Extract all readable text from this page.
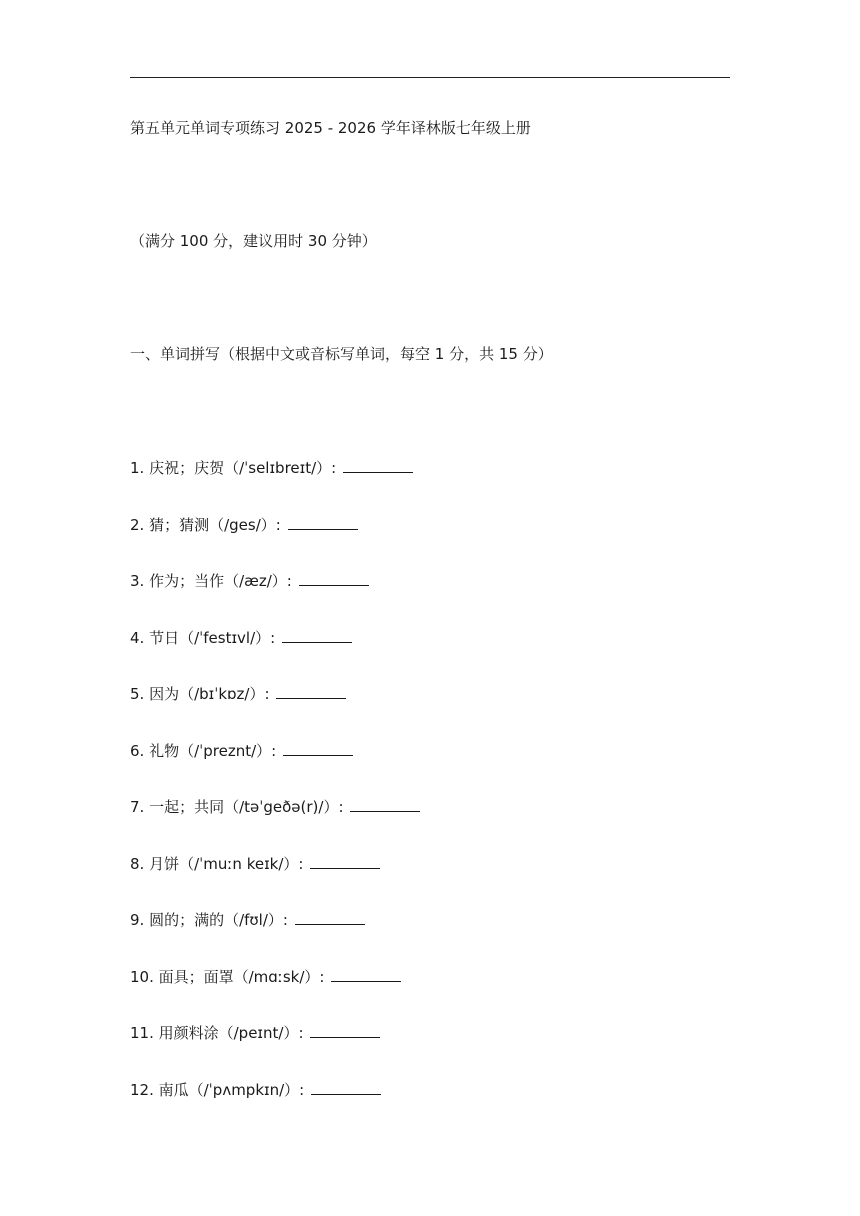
第五单元单词专项练习 2025 - 2026 学年译林版七年级上册
（满分 100 分，建议用时 30 分钟）
一、单词拼写（根据中文或音标写单词，每空 1 分，共 15 分）
1. 庆祝；庆贺（/ˈselɪbreɪt/）:
2. 猜；猜测（/ges/）:
3. 作为；当作（/æz/）:
4. 节日（/ˈfestɪvl/）:
5. 因为（/bɪˈkɒz/）:
6. 礼物（/ˈpreznt/）:
7. 一起；共同（/təˈgeðə(r)/）:
8. 月饼（/ˈmuːn keɪk/）:
9. 圆的；满的（/fʊl/）:
10. 面具；面罩（/mɑːsk/）:
11. 用颜料涂（/peɪnt/）:
12. 南瓜（/ˈpʌmpkɪn/）:
